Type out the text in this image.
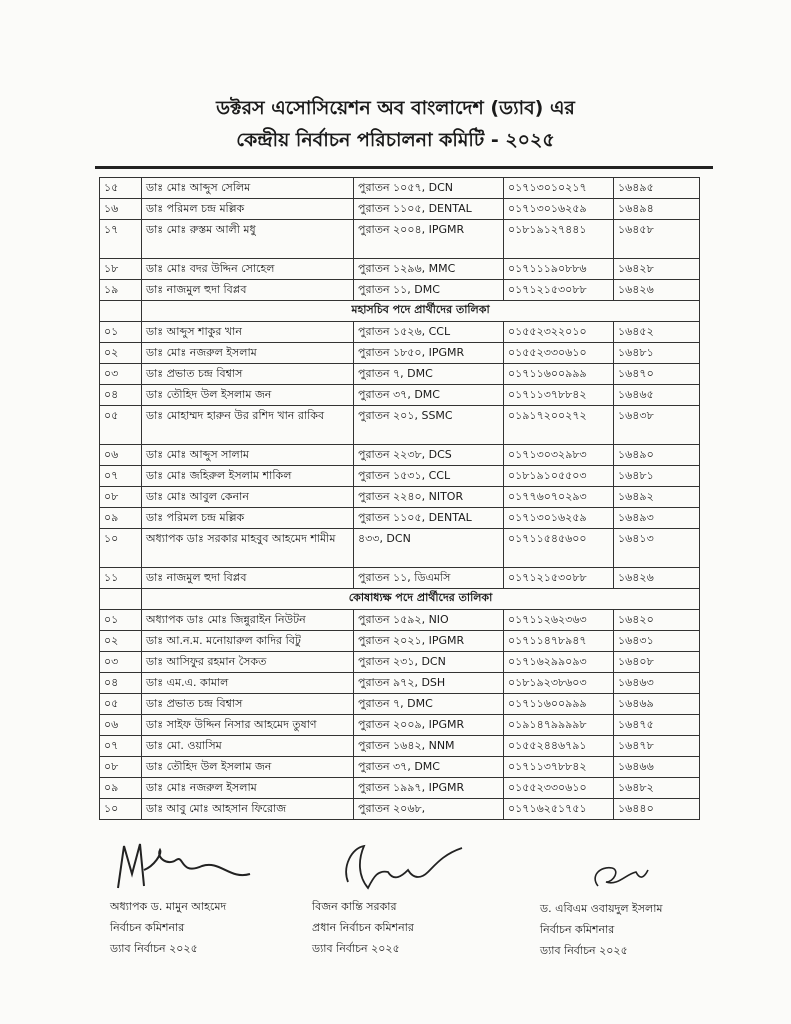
ডক্টরস এসোসিয়েশন অব বাংলাদেশ (ড্যাব) এর
কেন্দ্রীয় নির্বাচন পরিচালনা কমিটি - ২০২৫
১৫	ডাঃ মোঃ আব্দুস সেলিম	পুরাতন ১০৫৭, DCN	০১৭১৩০১০২১৭	১৬৪৯৫
১৬	ডাঃ পরিমল চন্দ্র মল্লিক	পুরাতন ১১০৫, DENTAL	০১৭১৩০১৬২৫৯	১৬৪৯৪
১৭	ডাঃ মোঃ রুস্তম আলী মধু	পুরাতন ২০০৪, IPGMR	০১৮১৯১২৭৪৪১	১৬৪৫৮
১৮	ডাঃ মোঃ বদর উদ্দিন সোহেল	পুরাতন ১২৯৬, MMC	০১৭১১১৯০৮৮৬	১৬৪২৮
১৯	ডাঃ নাজমুল হুদা বিপ্লব	পুরাতন ১১, DMC	০১৭১২১৫৩০৮৮	১৬৪২৬
	মহাসচিব পদে প্রার্থীদের তালিকা			
০১	ডাঃ আব্দুস শাকুর খান	পুরাতন ১৫২৬, CCL	০১৫৫২৩২২০১০	১৬৪৫২
০২	ডাঃ মোঃ নজরুল ইসলাম	পুরাতন ১৮৫০, IPGMR	০১৫৫২৩৩০৬১০	১৬৪৮১
০৩	ডাঃ প্রভাত চন্দ্র বিশ্বাস	পুরাতন ৭, DMC	০১৭১১৬০০৯৯৯	১৬৪৭০
০৪	ডাঃ তৌহিদ উল ইসলাম জন	পুরাতন ৩৭, DMC	০১৭১১৩৭৮৮৪২	১৬৪৬৫
০৫	ডাঃ মোহাম্মদ হারুন উর রশিদ খান রাকিব	পুরাতন ২০১, SSMC	০১৯১৭২০০২৭২	১৬৪৩৮
০৬	ডাঃ মোঃ আব্দুস সালাম	পুরাতন ২২৩৮, DCS	০১৭১৩০৩২৯৮৩	১৬৪৯০
০৭	ডাঃ মোঃ জহিরুল ইসলাম শাকিল	পুরাতন ১৫৩১, CCL	০১৮১৯১০৫৫০৩	১৬৪৮১
০৮	ডাঃ মোঃ আবুল কেনান	পুরাতন ২২৪০, NITOR	০১৭৭৬০৭০২৯৩	১৬৪৯২
০৯	ডাঃ পরিমল চন্দ্র মল্লিক	পুরাতন ১১০৫, DENTAL	০১৭১৩০১৬২৫৯	১৬৪৯৩
১০	অধ্যাপক ডাঃ সরকার মাহবুব আহমেদ শামীম	৪৩৩, DCN	০১৭১১৫৪৫৬০০	১৬৪১৩
১১	ডাঃ নাজমুল হুদা বিপ্লব	পুরাতন ১১, ডিএমসি	০১৭১২১৫৩০৮৮	১৬৪২৬
	কোষাধ্যক্ষ পদে প্রার্থীদের তালিকা			
০১	অধ্যাপক ডাঃ মোঃ জিন্নুরাইন নিউটন	পুরাতন ১৫৯২, NIO	০১৭১১২৬২৩৬৩	১৬৪২০
০২	ডাঃ আ.ন.ম. মনোয়ারুল কাদির বিটু	পুরাতন ২০২১, IPGMR	০১৭১১৪৭৮৯৪৭	১৬৪৩১
০৩	ডাঃ আসিফুর রহমান সৈকত	পুরাতন ২৩১, DCN	০১৭১৬২৯৯০৯৩	১৬৪০৮
০৪	ডাঃ এম.এ. কামাল	পুরাতন ৯৭২, DSH	০১৮১৯২৩৮৬০৩	১৬৪৬৩
০৫	ডাঃ প্রভাত চন্দ্র বিশ্বাস	পুরাতন ৭, DMC	০১৭১১৬০০৯৯৯	১৬৪৬৯
০৬	ডাঃ সাইফ উদ্দিন নিসার আহমেদ তুষাণ	পুরাতন ২০০৯, IPGMR	০১৯১৪৭৯৯৯৯৮	১৬৪৭৫
০৭	ডাঃ মো. ওয়াসিম	পুরাতন ১৬৪২, NNM	০১৫৫২৪৪৬৭৯১	১৬৪৭৮
০৮	ডাঃ তৌহিদ উল ইসলাম জন	পুরাতন ৩৭, DMC	০১৭১১৩৭৮৮৪২	১৬৪৬৬
০৯	ডাঃ মোঃ নজরুল ইসলাম	পুরাতন ১৯৯৭, IPGMR	০১৫৫২৩৩০৬১০	১৬৪৮২
১০	ডাঃ আবু মোঃ আহসান ফিরোজ	পুরাতন ২০৬৮,	০১৭১৬২৫১৭৫১	১৬৪৪০
অধ্যাপক ড. মামুন আহমেদ
নির্বাচন কমিশনার
ড্যাব নির্বাচন ২০২৫
বিজন কান্তি সরকার
প্রধান নির্বাচন কমিশনার
ড্যাব নির্বাচন ২০২৫
ড. এবিএম ওবায়দুল ইসলাম
নির্বাচন কমিশনার
ড্যাব নির্বাচন ২০২৫
